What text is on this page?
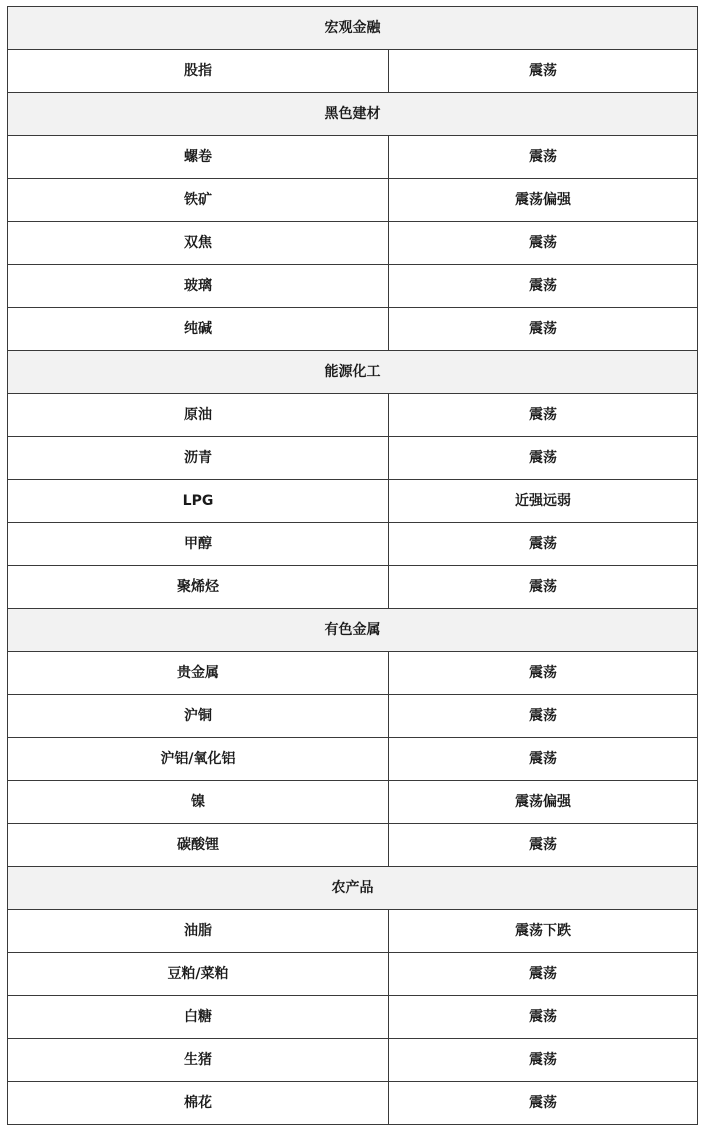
宏观金融	
股指	震荡
黑色建材	
螺卷	震荡
铁矿	震荡偏强
双焦	震荡
玻璃	震荡
纯碱	震荡
能源化工	
原油	震荡
沥青	震荡
LPG	近强远弱
甲醇	震荡
聚烯烃	震荡
有色金属	
贵金属	震荡
沪铜	震荡
沪铝/氧化铝	震荡
镍	震荡偏强
碳酸锂	震荡
农产品	
油脂	震荡下跌
豆粕/菜粕	震荡
白糖	震荡
生猪	震荡
棉花	震荡
